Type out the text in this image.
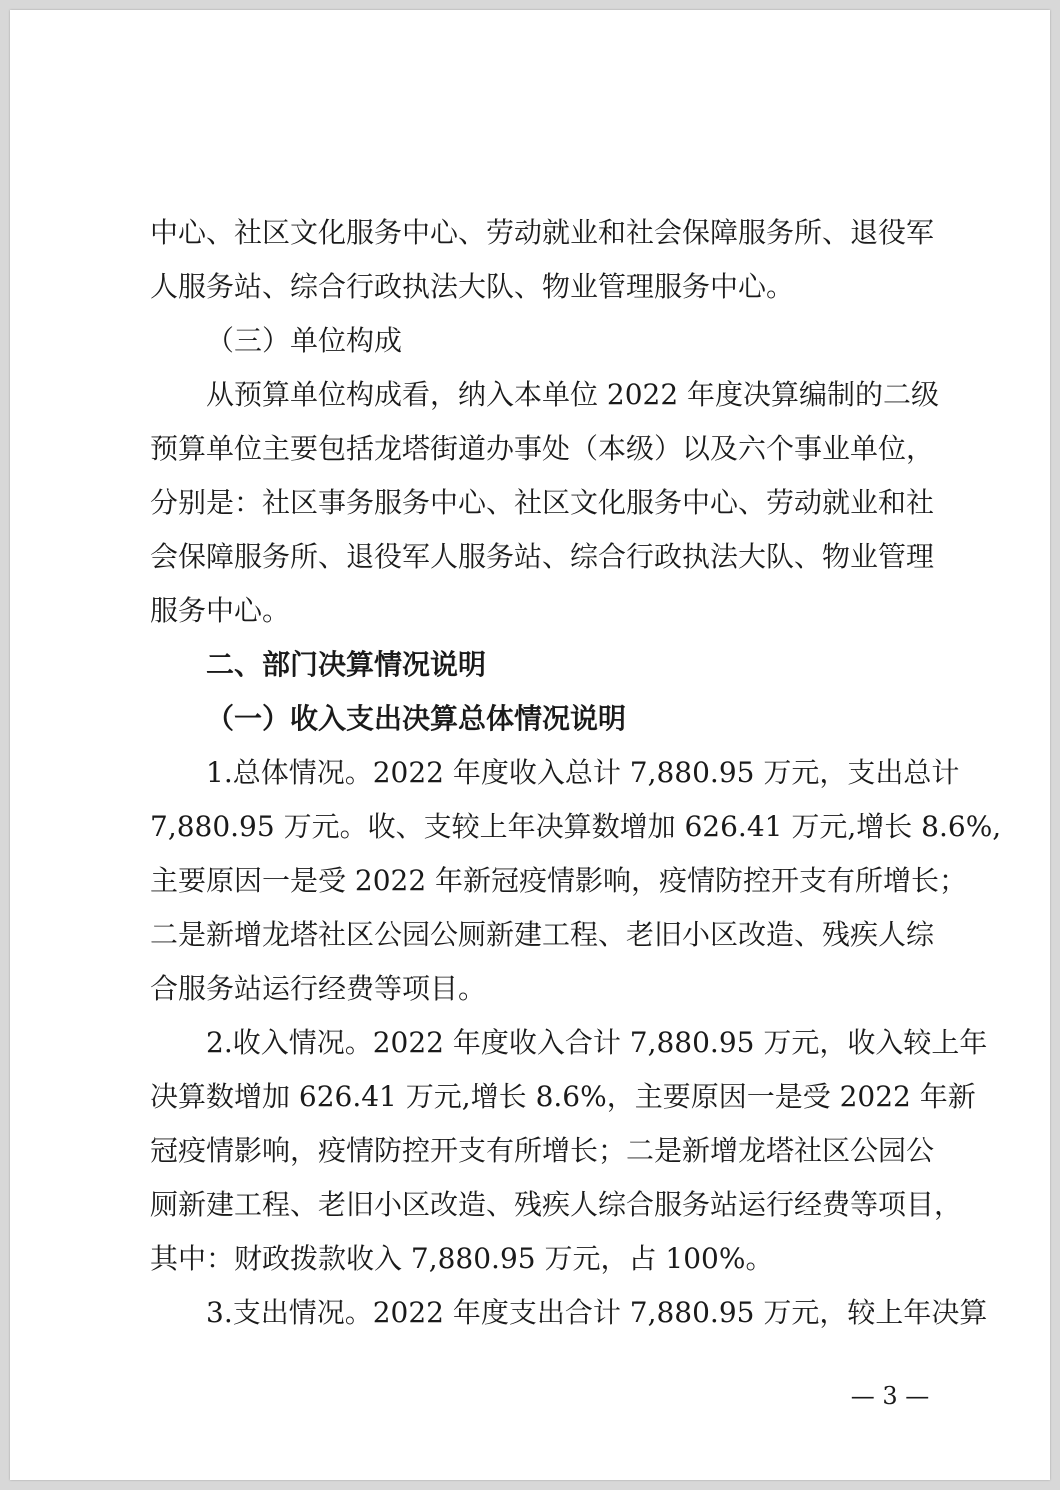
中心、社区文化服务中心、劳动就业和社会保障服务所、退役军

人服务站、综合行政执法大队、物业管理服务中心。

（三）单位构成

从预算单位构成看，纳入本单位 2022 年度决算编制的二级

预算单位主要包括龙塔街道办事处（本级）以及六个事业单位，

分别是：社区事务服务中心、社区文化服务中心、劳动就业和社

会保障服务所、退役军人服务站、综合行政执法大队、物业管理

服务中心。

二、部门决算情况说明

（一）收入支出决算总体情况说明

1.总体情况。2022 年度收入总计 7,880.95 万元，支出总计

7,880.95 万元。收、支较上年决算数增加 626.41 万元,增长 8.6%,

主要原因一是受 2022 年新冠疫情影响，疫情防控开支有所增长；

二是新增龙塔社区公园公厕新建工程、老旧小区改造、残疾人综

合服务站运行经费等项目。

2.收入情况。2022 年度收入合计 7,880.95 万元，收入较上年

决算数增加 626.41 万元,增长 8.6%，主要原因一是受 2022 年新

冠疫情影响，疫情防控开支有所增长；二是新增龙塔社区公园公

厕新建工程、老旧小区改造、残疾人综合服务站运行经费等项目，

其中：财政拨款收入 7,880.95 万元，占 100%。

3.支出情况。2022 年度支出合计 7,880.95 万元，较上年决算

— 3 —
